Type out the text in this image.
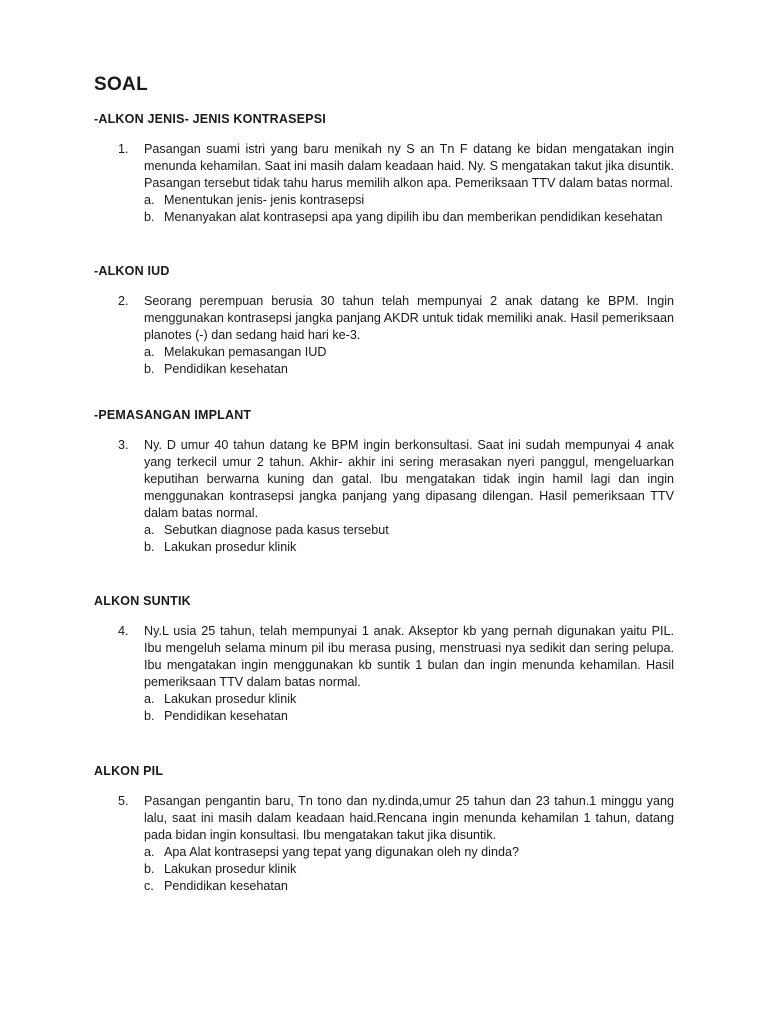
SOAL
-ALKON JENIS- JENIS KONTRASEPSI
1.	Pasangan suami istri yang baru menikah ny S an Tn F datang ke bidan mengatakan ingin menunda kehamilan. Saat ini masih dalam keadaan haid. Ny. S mengatakan takut jika disuntik. Pasangan tersebut tidak tahu harus memilih alkon apa. Pemeriksaan TTV dalam batas normal.

a. Menentukan jenis- jenis kontrasepsi
b. Menanyakan alat kontrasepsi apa yang dipilih ibu dan memberikan pendidikan kesehatan
-ALKON IUD
2.	Seorang perempuan berusia 30 tahun telah mempunyai 2 anak datang ke BPM. Ingin menggunakan kontrasepsi jangka panjang AKDR untuk tidak memiliki anak. Hasil pemeriksaan planotes (-) dan sedang haid hari ke-3.

a. Melakukan pemasangan IUD
b. Pendidikan kesehatan
-PEMASANGAN IMPLANT
3.	Ny. D umur 40 tahun datang ke BPM ingin berkonsultasi. Saat ini sudah mempunyai 4 anak yang terkecil umur 2 tahun. Akhir- akhir ini sering merasakan nyeri panggul, mengeluarkan keputihan berwarna kuning dan gatal. Ibu mengatakan tidak ingin hamil lagi dan ingin menggunakan kontrasepsi jangka panjang yang dipasang dilengan. Hasil pemeriksaan TTV dalam batas normal.

a. Sebutkan diagnose pada kasus tersebut
b. Lakukan prosedur klinik
ALKON SUNTIK
4.	Ny.L usia 25 tahun, telah mempunyai 1 anak. Akseptor kb yang pernah digunakan yaitu PIL. Ibu mengeluh selama minum pil ibu merasa pusing, menstruasi nya sedikit dan sering pelupa. Ibu mengatakan ingin menggunakan kb suntik 1 bulan dan ingin menunda kehamilan. Hasil pemeriksaan TTV dalam batas normal.

a. Lakukan prosedur klinik
b. Pendidikan kesehatan
ALKON PIL
5.	Pasangan pengantin baru, Tn tono dan ny.dinda,umur 25 tahun dan 23 tahun.1 minggu yang lalu, saat ini masih dalam keadaan haid.Rencana ingin menunda kehamilan 1 tahun, datang pada bidan ingin konsultasi. Ibu mengatakan takut jika disuntik.

a. Apa Alat kontrasepsi yang tepat yang digunakan oleh ny dinda?
b. Lakukan prosedur klinik
c. Pendidikan kesehatan
